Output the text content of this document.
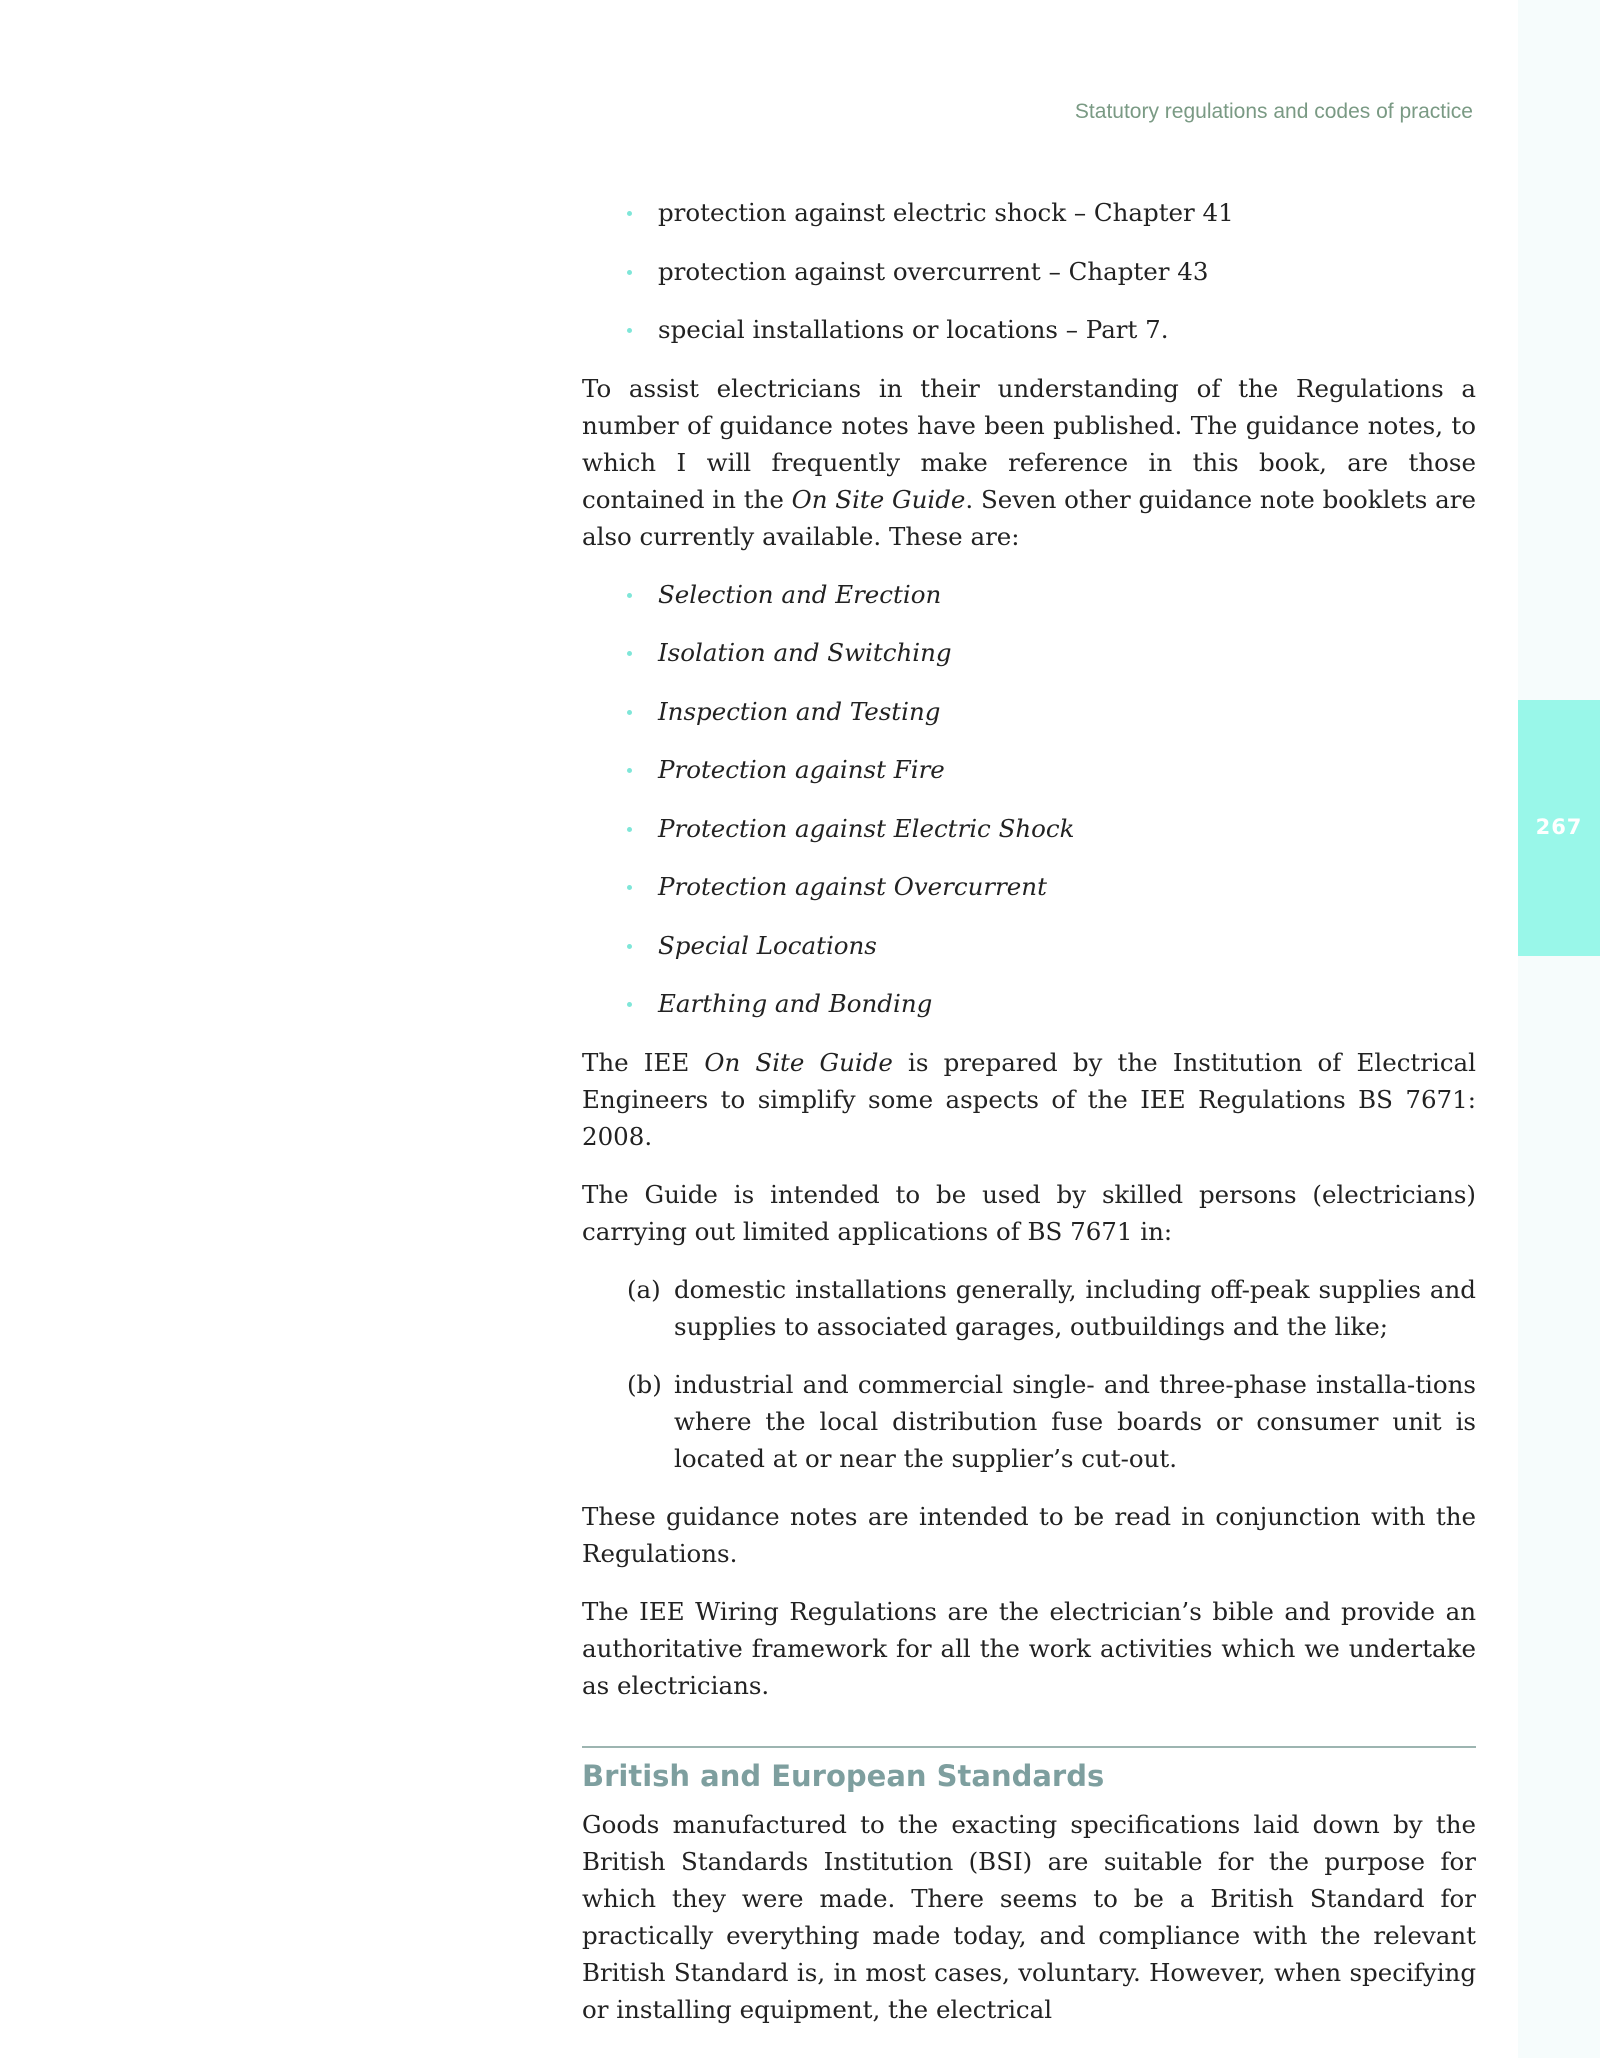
267
Statutory regulations and codes of practice
protection against electric shock – Chapter 41
protection against overcurrent – Chapter 43
special installations or locations – Part 7.

To assist electricians in their understanding of the Regulations a number of guidance notes have been published. The guidance notes, to which I will frequently make reference in this book, are those contained in the On Site Guide. Seven other guidance note booklets are also currently available. These are:

Selection and Erection
Isolation and Switching
Inspection and Testing
Protection against Fire
Protection against Electric Shock
Protection against Overcurrent
Special Locations
Earthing and Bonding

The IEE On Site Guide is prepared by the Institution of Electrical Engineers to simplify some aspects of the IEE Regulations BS 7671: 2008.

The Guide is intended to be used by skilled persons (electricians) carrying out limited applications of BS 7671 in:

(a) domestic installations generally, including off-peak supplies and supplies to associated garages, outbuildings and the like;
(b) industrial and commercial single- and three-phase installa-tions where the local distribution fuse boards or consumer unit is located at or near the supplier’s cut-out.

These guidance notes are intended to be read in conjunction with the Regulations.

The IEE Wiring Regulations are the electrician’s bible and provide an authoritative framework for all the work activities which we undertake as electricians.

British and European Standards

Goods manufactured to the exacting specifications laid down by the British Standards Institution (BSI) are suitable for the purpose for which they were made. There seems to be a British Standard for practically everything made today, and compliance with the relevant British Standard is, in most cases, voluntary. However, when specifying or installing equipment, the electrical
